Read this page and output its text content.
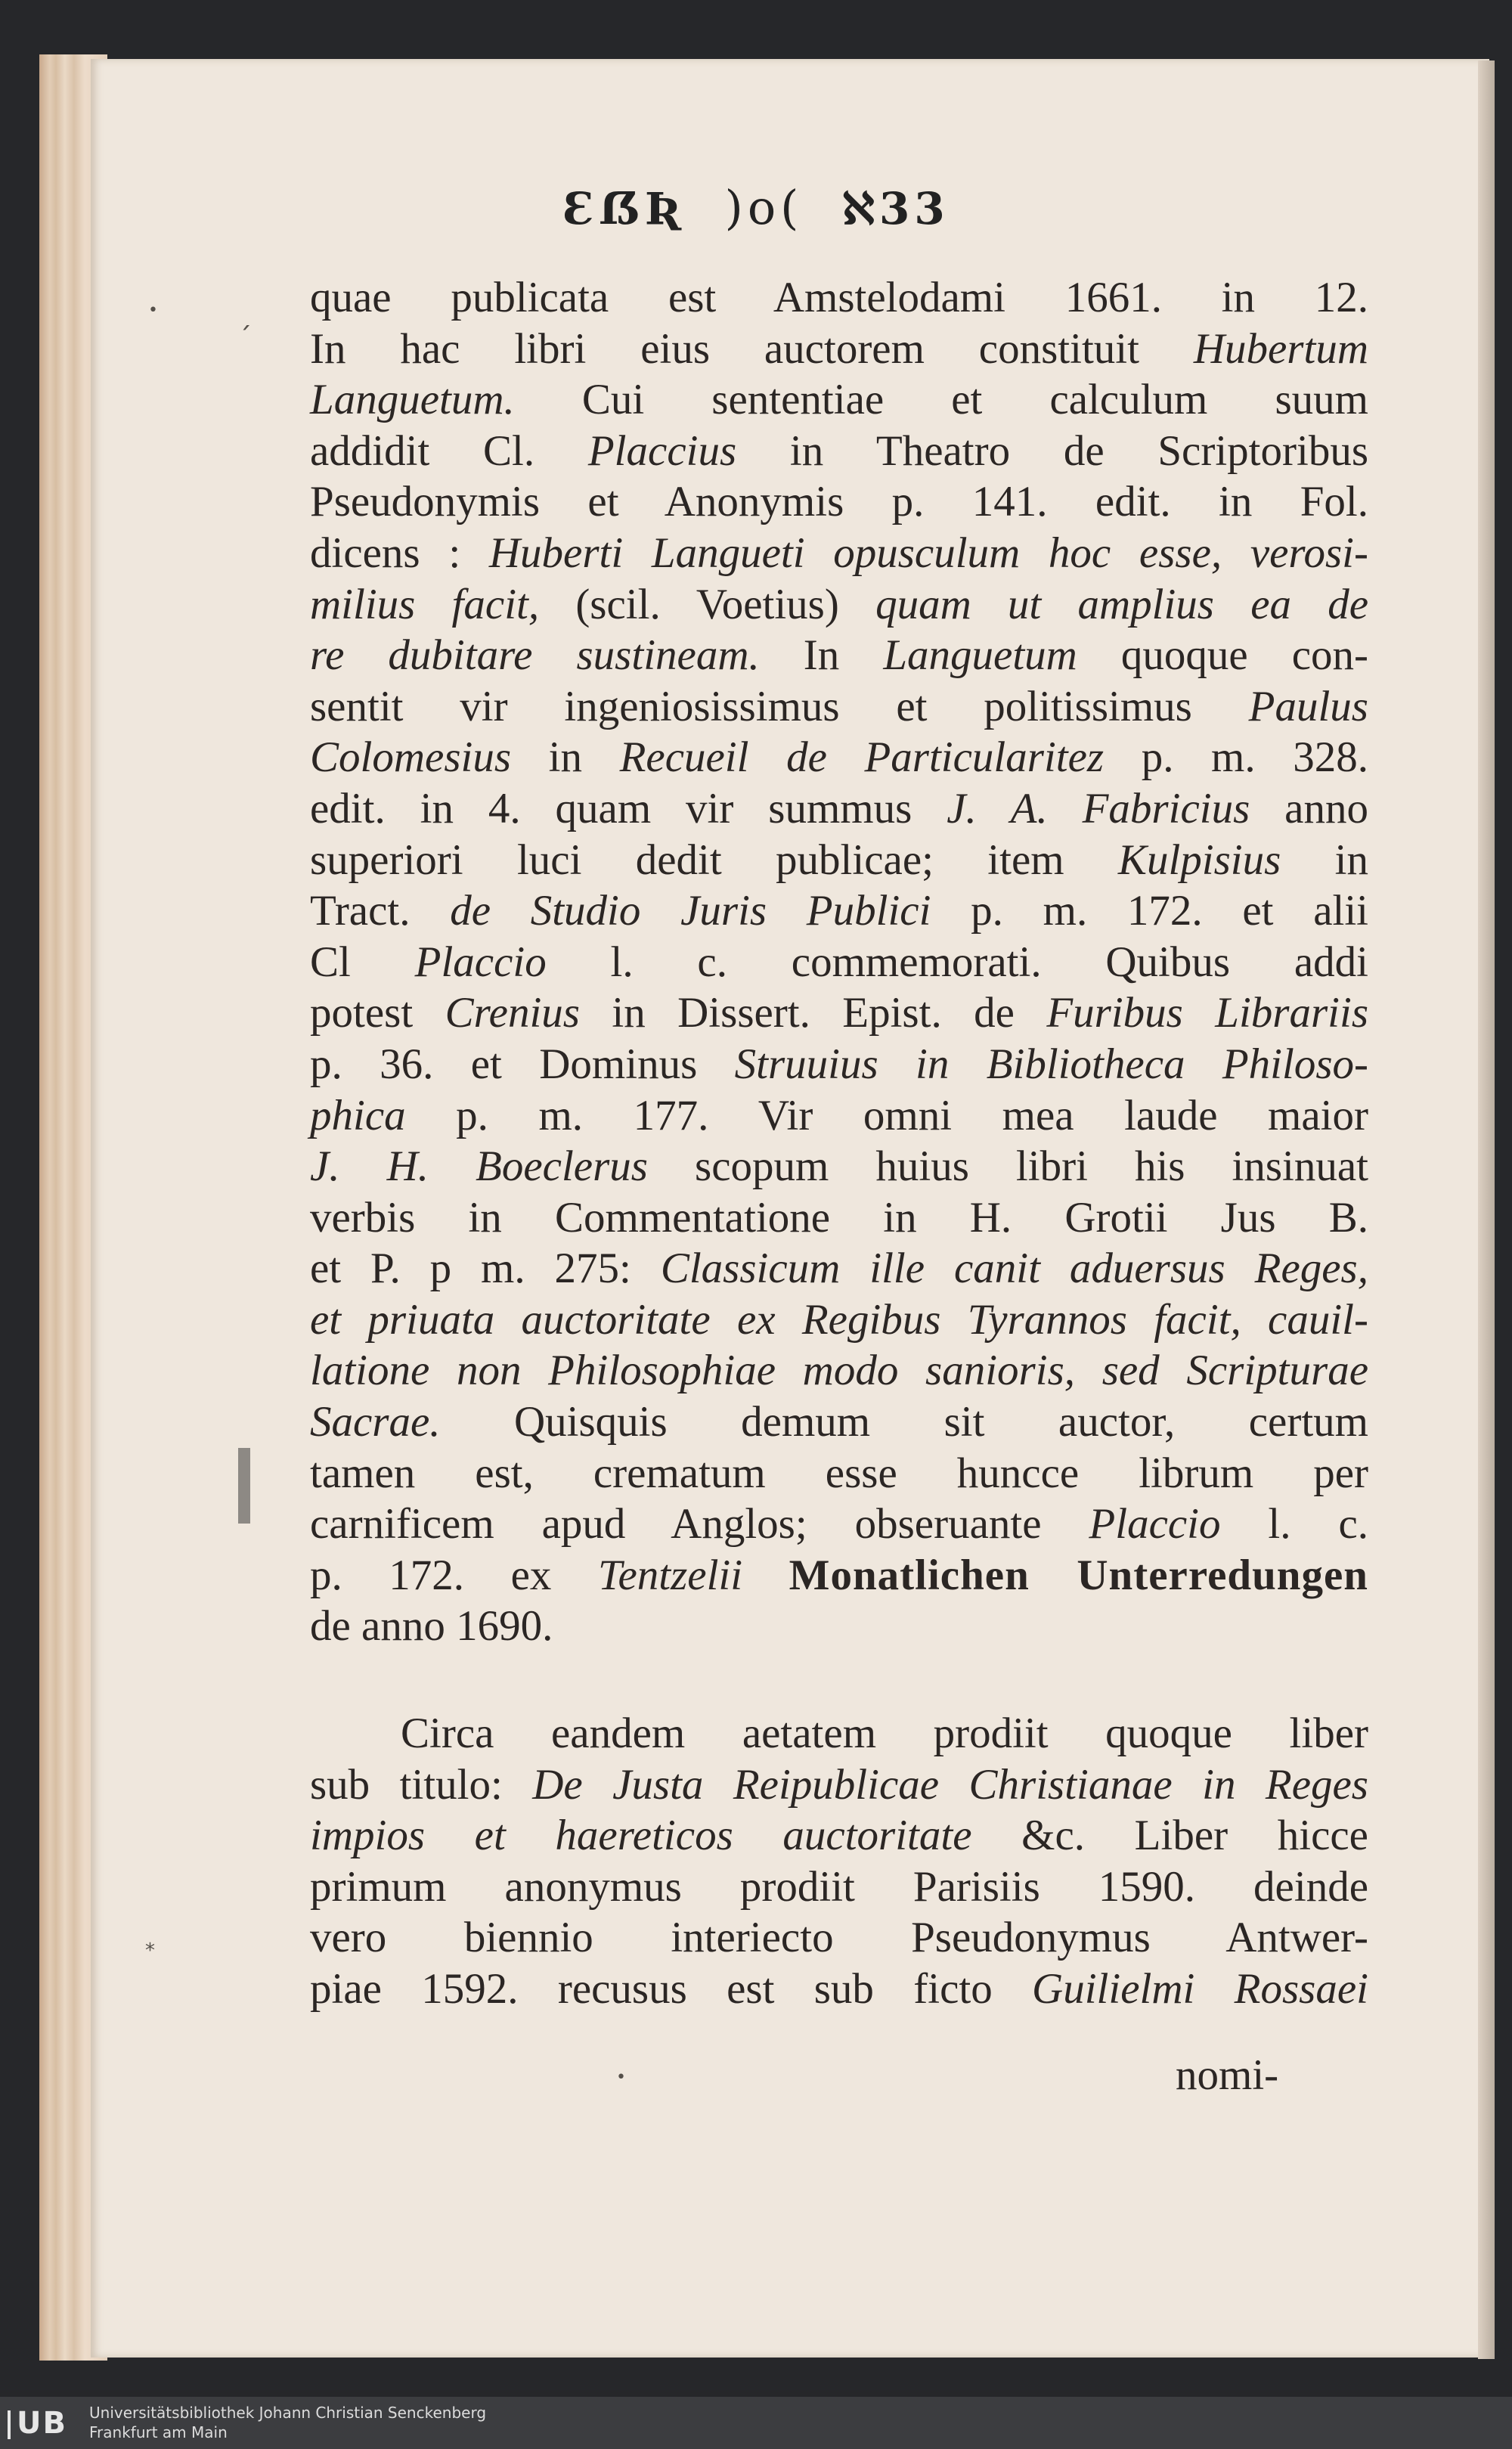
ƐẞƦ )o( ℵ33
quae publicata est Amstelodami 1661. in 12.
In hac libri eius auctorem constituit Hubertum
Languetum. Cui sententiae et calculum suum
addidit Cl. Placcius in Theatro de Scriptoribus
Pseudonymis et Anonymis p. 141. edit. in Fol.
dicens : Huberti Langueti opusculum hoc esse, verosi-
milius facit, (scil. Voetius) quam ut amplius ea de
re dubitare sustineam. In Languetum quoque con-
sentit vir ingeniosissimus et politissimus Paulus
Colomesius in Recueil de Particularitez p. m. 328.
edit. in 4. quam vir summus J. A. Fabricius anno
superiori luci dedit publicae; item Kulpisius in
Tract. de Studio Juris Publici p. m. 172. et alii
Cl Placcio l. c. commemorati. Quibus addi
potest Crenius in Dissert. Epist. de Furibus Librariis
p. 36. et Dominus Struuius in Bibliotheca Philoso-
phica p. m. 177. Vir omni mea laude maior
J. H. Boeclerus scopum huius libri his insinuat
verbis in Commentatione in H. Grotii Jus B.
et P. p m. 275: Classicum ille canit aduersus Reges,
et priuata auctoritate ex Regibus Tyrannos facit, cauil-
latione non Philosophiae modo sanioris, sed Scripturae
Sacrae. Quisquis demum sit auctor, certum
tamen est, crematum esse huncce librum per
carnificem apud Anglos; obseruante Placcio l. c.
p. 172. ex Tentzelii Monatlichen Unterredungen
de anno 1690.
Circa eandem aetatem prodiit quoque liber
sub titulo: De Justa Reipublicae Christianae in Reges
impios et haereticos auctoritate &c. Liber hicce
primum anonymus prodiit Parisiis 1590. deinde
vero biennio interiecto Pseudonymus Antwer-
piae 1592. recusus est sub ficto Guilielmi Rossaei
nomi-
•	ˏ
*
•
UB	Universitätsbibliothek Johann Christian Senckenberg
Frankfurt am Main
